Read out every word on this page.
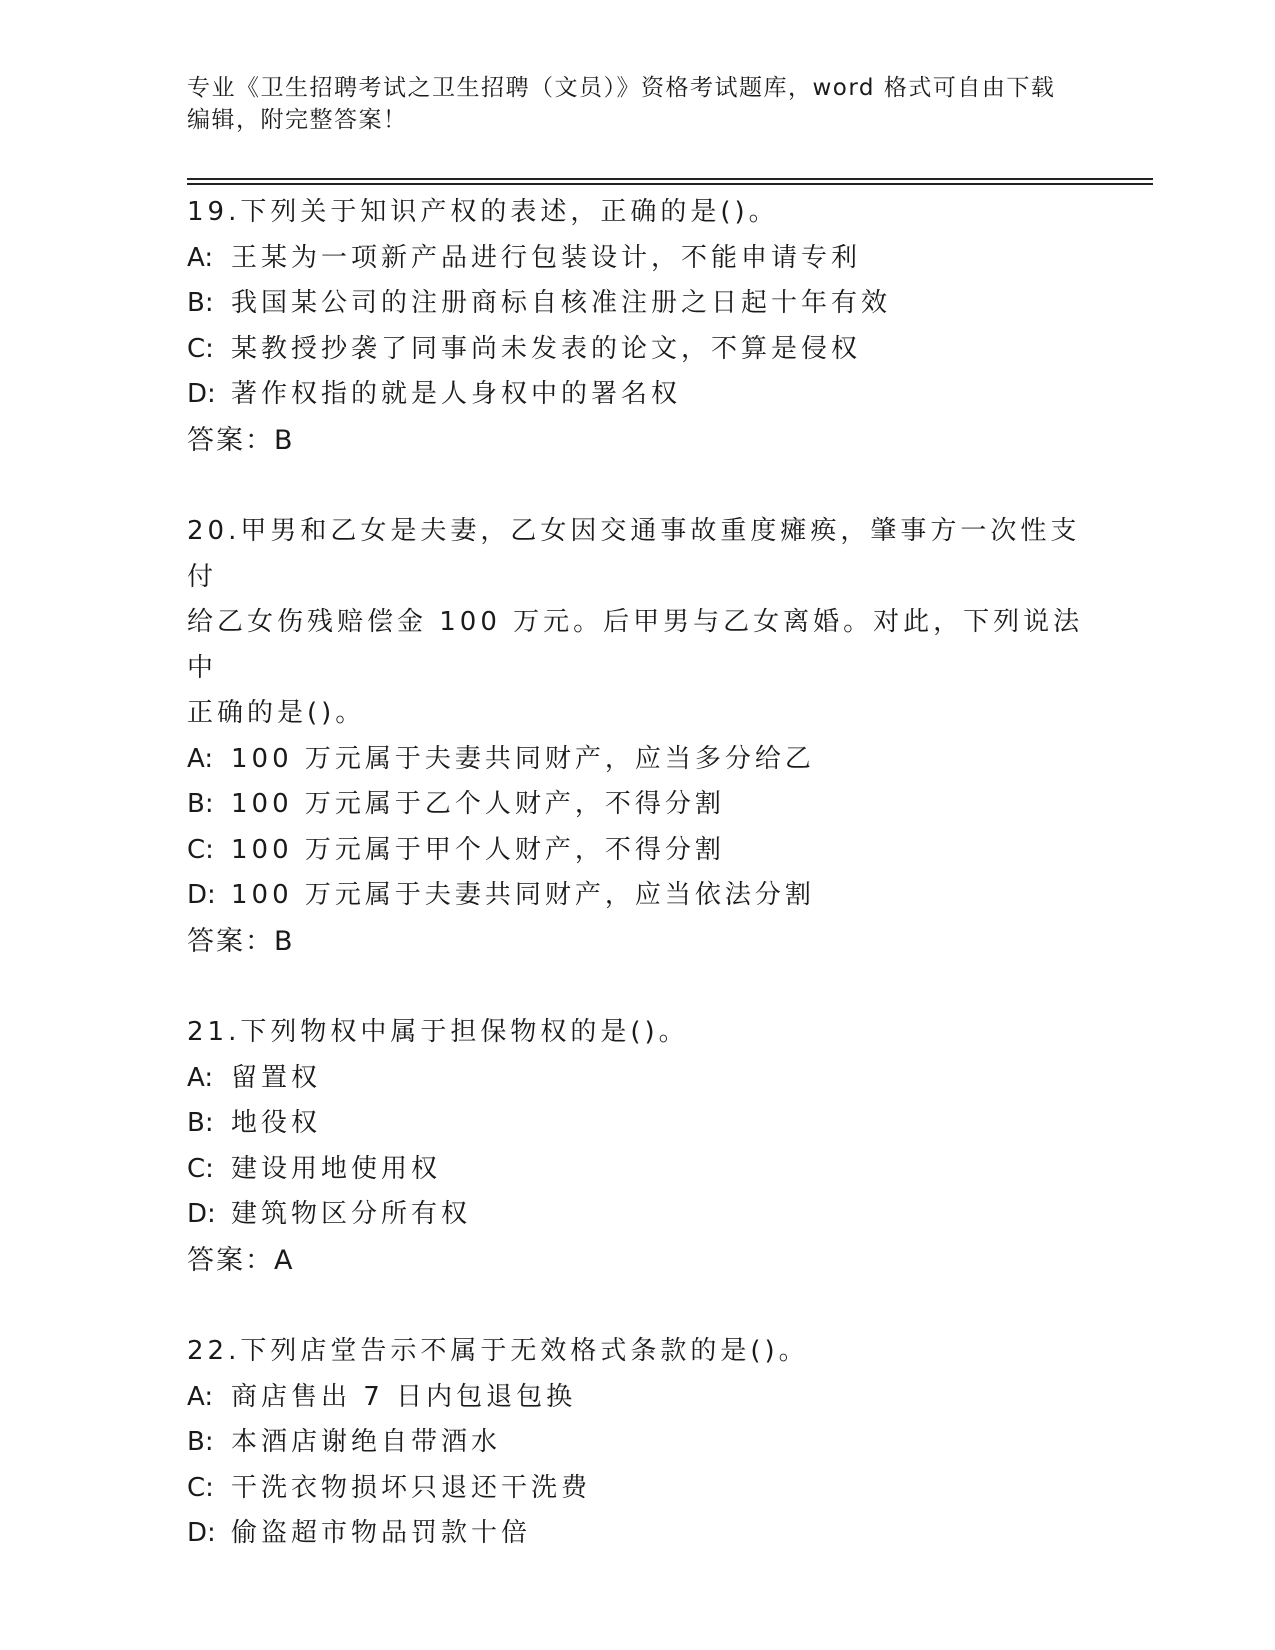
专业《卫生招聘考试之卫生招聘（文员）》资格考试题库，word 格式可自由下载
编辑，附完整答案！

19.下列关于知识产权的表述，正确的是()。

A: 王某为一项新产品进行包装设计，不能申请专利

B: 我国某公司的注册商标自核准注册之日起十年有效

C: 某教授抄袭了同事尚未发表的论文，不算是侵权

D: 著作权指的就是人身权中的署名权

答案：B

20.甲男和乙女是夫妻，乙女因交通事故重度瘫痪，肇事方一次性支付

给乙女伤残赔偿金 100 万元。后甲男与乙女离婚。对此，下列说法中

正确的是()。

A: 100 万元属于夫妻共同财产，应当多分给乙

B: 100 万元属于乙个人财产，不得分割

C: 100 万元属于甲个人财产，不得分割

D: 100 万元属于夫妻共同财产，应当依法分割

答案：B

21.下列物权中属于担保物权的是()。

A: 留置权

B: 地役权

C: 建设用地使用权

D: 建筑物区分所有权

答案：A

22.下列店堂告示不属于无效格式条款的是()。

A: 商店售出 7 日内包退包换

B: 本酒店谢绝自带酒水

C: 干洗衣物损坏只退还干洗费

D: 偷盗超市物品罚款十倍
